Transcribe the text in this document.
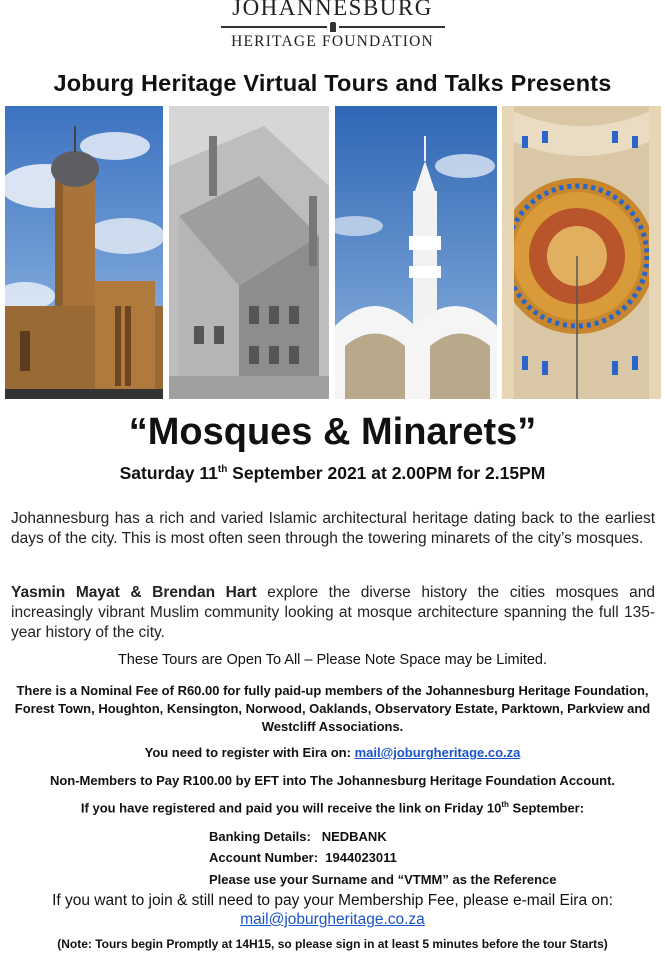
JOHANNESBURG
HERITAGE FOUNDATION
Joburg Heritage Virtual Tours and Talks Presents
“Mosques & Minarets”
Saturday 11th September 2021 at 2.00PM for 2.15PM
Johannesburg has a rich and varied Islamic architectural heritage dating back to the earliest days of the city. This is most often seen through the towering minarets of the city’s mosques.
Yasmin Mayat & Brendan Hart explore the diverse history the cities mosques and increasingly vibrant Muslim community looking at mosque architecture spanning the full 135-year history of the city.
These Tours are Open To All – Please Note Space may be Limited.
There is a Nominal Fee of R60.00 for fully paid-up members of the Johannesburg Heritage Foundation, Forest Town, Houghton, Kensington, Norwood, Oaklands, Observatory Estate, Parktown, Parkview and Westcliff Associations.
You need to register with Eira on: mail@joburgheritage.co.za
Non-Members to Pay R100.00 by EFT into The Johannesburg Heritage Foundation Account.
If you have registered and paid you will receive the link on Friday 10th September:
Banking Details: NEDBANK
Account Number: 1944023011
Please use your Surname and “VTMM” as the Reference
If you want to join & still need to pay your Membership Fee, please e-mail Eira on:
mail@joburgheritage.co.za
(Note: Tours begin Promptly at 14H15, so please sign in at least 5 minutes before the tour Starts)
